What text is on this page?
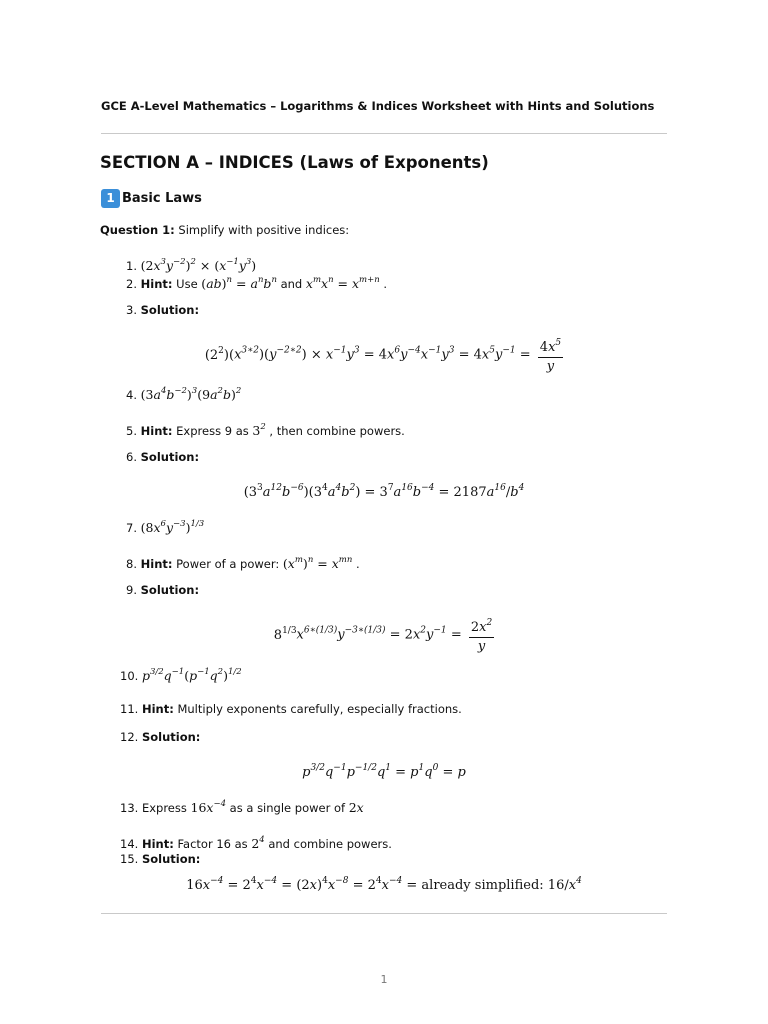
GCE A-Level Mathematics – Logarithms & Indices Worksheet with Hints and Solutions
SECTION A – INDICES (Laws of Exponents)
1 Basic Laws
Question 1: Simplify with positive indices:
1. $(2x^3y^{-2})^2 \times (x^{-1}y^3)$
2. Hint: Use $(ab)^n = a^nb^n$ and $x^mx^n = x^{m+n}$ .
3. Solution:
$(2^2)(x^{3∗2})(y^{-2∗2}) \times x^{-1}y^3 = 4x^6y^{-4}x^{-1}y^3 = 4x^5y^{-1} = \frac{4x^5}{y}$
4. $(3a^4b^{-2})^3(9a^2b)^2$
5. Hint: Express 9 as $3^2$ , then combine powers.
6. Solution:
$(3^3a^{12}b^{-6})(3^4a^4b^2) = 3^7a^{16}b^{-4} = 2187a^{16}/b^4$
7. $(8x^6y^{-3})^{1/3}$
8. Hint: Power of a power: $(x^m)^n = x^{mn}$ .
9. Solution:
$8^{1/3}x^{6∗(1/3)}y^{-3∗(1/3)} = 2x^2y^{-1} = \frac{2x^2}{y}$
10. $p^{3/2}q^{-1}(p^{-1}q^2)^{1/2}$
11. Hint: Multiply exponents carefully, especially fractions.
12. Solution:
$p^{3/2}q^{-1}p^{-1/2}q^1 = p^1q^0 = p$
13. Express $16x^{-4}$ as a single power of 2x
14. Hint: Factor 16 as $2^4$ and combine powers.
15. Solution:
$16x^{-4} = 2^4x^{-4} = (2x)^4x^{-8} = 2^4x^{-4}$ = already simplified: $16/x^4$
1
